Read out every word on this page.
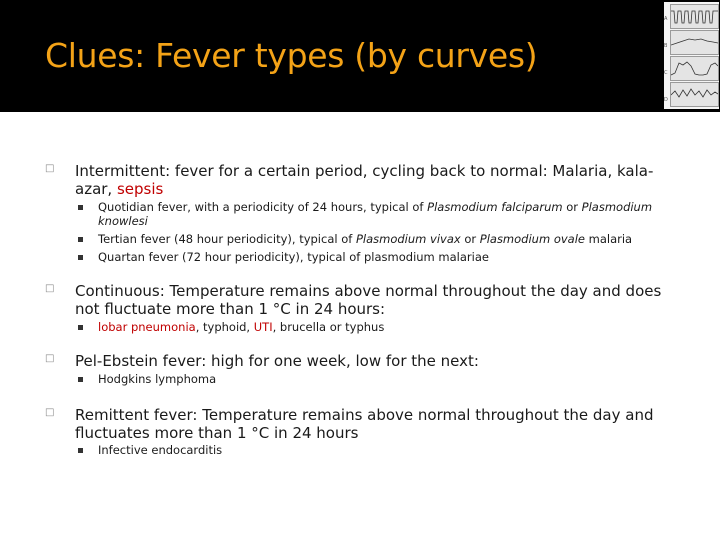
Clues: Fever types (by curves)
A
B
C
D
□
Intermittent: fever for a certain period, cycling back to normal: Malaria, kala-azar, sepsis
Quotidian fever, with a periodicity of 24 hours, typical of Plasmodium falciparum or Plasmodium knowlesi
Tertian fever (48 hour periodicity), typical of Plasmodium vivax or Plasmodium ovale malaria
Quartan fever (72 hour periodicity), typical of plasmodium malariae
□
Continuous: Temperature remains above normal throughout the day and does not fluctuate more than 1 °C in 24 hours:
lobar pneumonia, typhoid, UTI, brucella or typhus
□
Pel-Ebstein fever: high for one week, low for the next:
Hodgkins lymphoma
□
Remittent fever: Temperature remains above normal throughout the day and fluctuates more than 1 °C in 24 hours
Infective endocarditis
